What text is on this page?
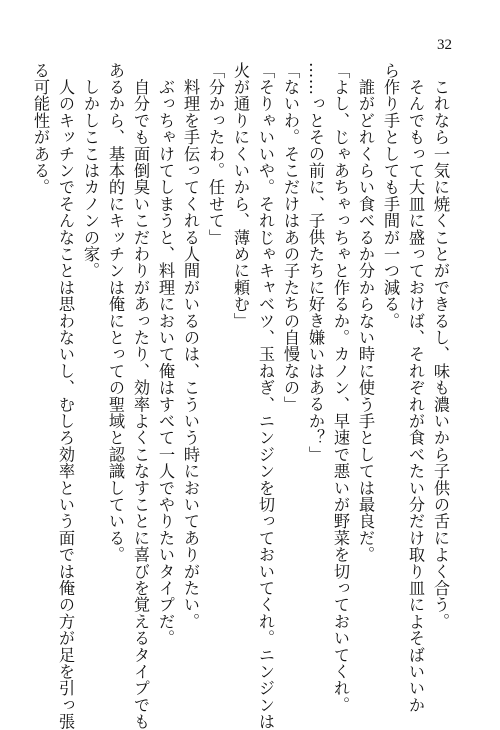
32
　これなら一気に焼くことができるし、味も濃いから子供の舌によく合う。
　そんでもって大皿に盛っておけば、それぞれが食べたい分だけ取り皿によそばいいか
ら作り手としても手間が一つ減る。
　誰がどれくらい食べるか分からない時に使う手としては最良だ。
「よし、じゃあちゃっちゃと作るか。カノン、早速で悪いが野菜を切っておいてくれ。
……っとその前に、子供たちに好き嫌いはあるか？」
「ないわ。そこだけはあの子たちの自慢なの」
「そりゃいいや。それじゃキャベツ、玉ねぎ、ニンジンを切っておいてくれ。ニンジンは
火が通りにくいから、薄めに頼む」
「分かったわ。任せて」
　料理を手伝ってくれる人間がいるのは、こういう時においてありがたい。
　ぶっちゃけてしまうと、料理において俺はすべて一人でやりたいタイプだ。
　自分でも面倒臭いこだわりがあったり、効率よくこなすことに喜びを覚えるタイプでも
あるから、基本的にキッチンは俺にとっての聖域と認識している。
　しかしここはカノンの家。
　人のキッチンでそんなことは思わないし、むしろ効率という面では俺の方が足を引っ張
る可能性がある。
